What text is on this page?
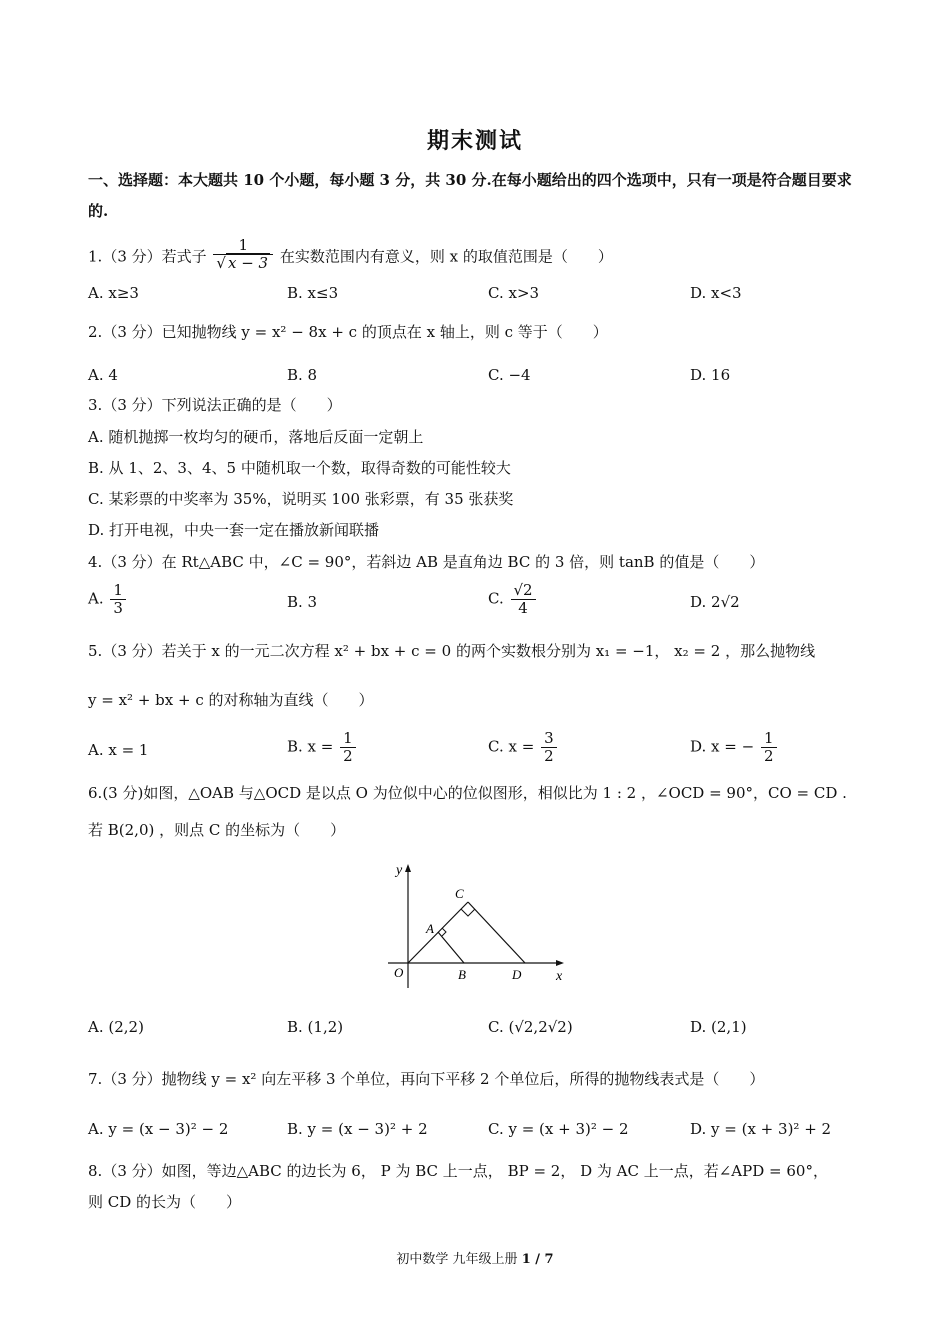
期末测试
一、选择题：本大题共 10 个小题，每小题 3 分，共 30 分.在每小题给出的四个选项中，只有一项是符合题目要求的.
1.（3 分）若式子 $\frac{1}{√ x - 3}$ 在实数范围内有意义，则 x 的取值范围是（　　）
A. x≥3	B. x≤3	C. x>3	D. x<3
2.（3 分）已知抛物线 y = x² − 8x + c 的顶点在 x 轴上，则 c 等于（　　）
A. 4	B. 8	C. −4	D. 16
3.（3 分）下列说法正确的是（　　）
A. 随机抛掷一枚均匀的硬币，落地后反面一定朝上
B. 从 1、2、3、4、5 中随机取一个数，取得奇数的可能性较大
C. 某彩票的中奖率为 35%，说明买 100 张彩票，有 35 张获奖
D. 打开电视，中央一套一定在播放新闻联播
4.（3 分）在 Rt△ABC 中，∠C = 90°，若斜边 AB 是直角边 BC 的 3 倍，则 tanB 的值是（　　）
A. $\frac{1}{3}$	B. 3	C. $\frac{√2}{4}$	D. 2√2
5.（3 分）若关于 x 的一元二次方程 x² + bx + c = 0 的两个实数根分别为 x₁ = −1， x₂ = 2 ，那么抛物线
y = x² + bx + c 的对称轴为直线（　　）
A. x = 1	B. $x = \frac{1}{2}$	C. $x = \frac{3}{2}$	D. x = − $\frac{1}{2}$
6.(3 分)如图，△OAB 与△OCD 是以点 O 为位似中心的位似图形，相似比为 1 : 2 ，∠OCD = 90°，CO = CD .
若 B(2,0) ，则点 C 的坐标为（　　）
y
x
O
A
B
C
D
A. (2,2)	B. (1,2)	C. (√2,2√2)	D. (2,1)
7.（3 分）抛物线 y = x² 向左平移 3 个单位，再向下平移 2 个单位后，所得的抛物线表式是（　　）
A. y = (x − 3)² − 2	B. y = (x − 3)² + 2	C. y = (x + 3)² − 2	D. y = (x + 3)² + 2
8.（3 分）如图，等边△ABC 的边长为 6， P 为 BC 上一点， BP = 2， D 为 AC 上一点，若∠APD = 60°，
则 CD 的长为（　　）
初中数学 九年级上册 1 / 7
